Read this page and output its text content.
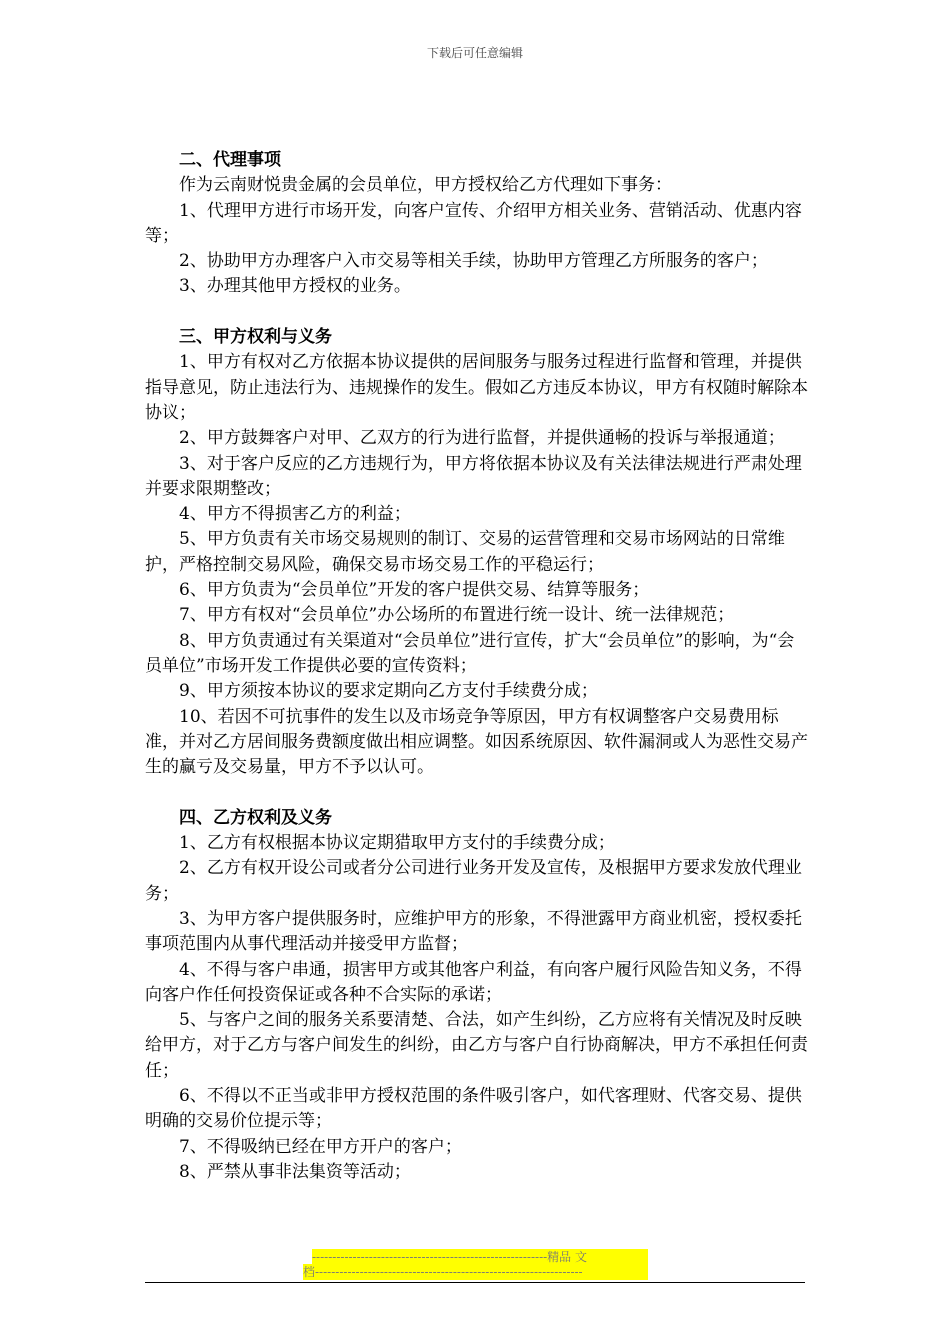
下载后可任意编辑
二、代理事项
作为云南财悦贵金属的会员单位，甲方授权给乙方代理如下事务：
1、代理甲方进行市场开发，向客户宣传、介绍甲方相关业务、营销活动、优惠内容等；
2、协助甲方办理客户入市交易等相关手续，协助甲方管理乙方所服务的客户；
3、办理其他甲方授权的业务。
三、甲方权利与义务
1、甲方有权对乙方依据本协议提供的居间服务与服务过程进行监督和管理，并提供指导意见，防止违法行为、违规操作的发生。假如乙方违反本协议，甲方有权随时解除本协议；
2、甲方鼓舞客户对甲、乙双方的行为进行监督，并提供通畅的投诉与举报通道；
3、对于客户反应的乙方违规行为，甲方将依据本协议及有关法律法规进行严肃处理并要求限期整改；
4、甲方不得损害乙方的利益；
5、甲方负责有关市场交易规则的制订、交易的运营管理和交易市场网站的日常维护，严格控制交易风险，确保交易市场交易工作的平稳运行；
6、甲方负责为“会员单位”开发的客户提供交易、结算等服务；
7、甲方有权对“会员单位”办公场所的布置进行统一设计、统一法律规范；
8、甲方负责通过有关渠道对“会员单位”进行宣传，扩大“会员单位”的影响，为“会员单位”市场开发工作提供必要的宣传资料；
9、甲方须按本协议的要求定期向乙方支付手续费分成；
10、若因不可抗事件的发生以及市场竞争等原因，甲方有权调整客户交易费用标准，并对乙方居间服务费额度做出相应调整。如因系统原因、软件漏洞或人为恶性交易产生的赢亏及交易量，甲方不予以认可。
四、乙方权利及义务
1、乙方有权根据本协议定期猎取甲方支付的手续费分成；
2、乙方有权开设公司或者分公司进行业务开发及宣传，及根据甲方要求发放代理业务；
3、为甲方客户提供服务时，应维护甲方的形象，不得泄露甲方商业机密，授权委托事项范围内从事代理活动并接受甲方监督；
4、不得与客户串通，损害甲方或其他客户利益，有向客户履行风险告知义务，不得向客户作任何投资保证或各种不合实际的承诺；
5、与客户之间的服务关系要清楚、合法，如产生纠纷，乙方应将有关情况及时反映给甲方，对于乙方与客户间发生的纠纷，由乙方与客户自行协商解决，甲方不承担任何责任；
6、不得以不正当或非甲方授权范围的条件吸引客户，如代客理财、代客交易、提供明确的交易价位提示等；
7、不得吸纳已经在甲方开户的客户；
8、严禁从事非法集资等活动；
----------------------------------------------------------精品 文
档------------------------------------------------------------------
